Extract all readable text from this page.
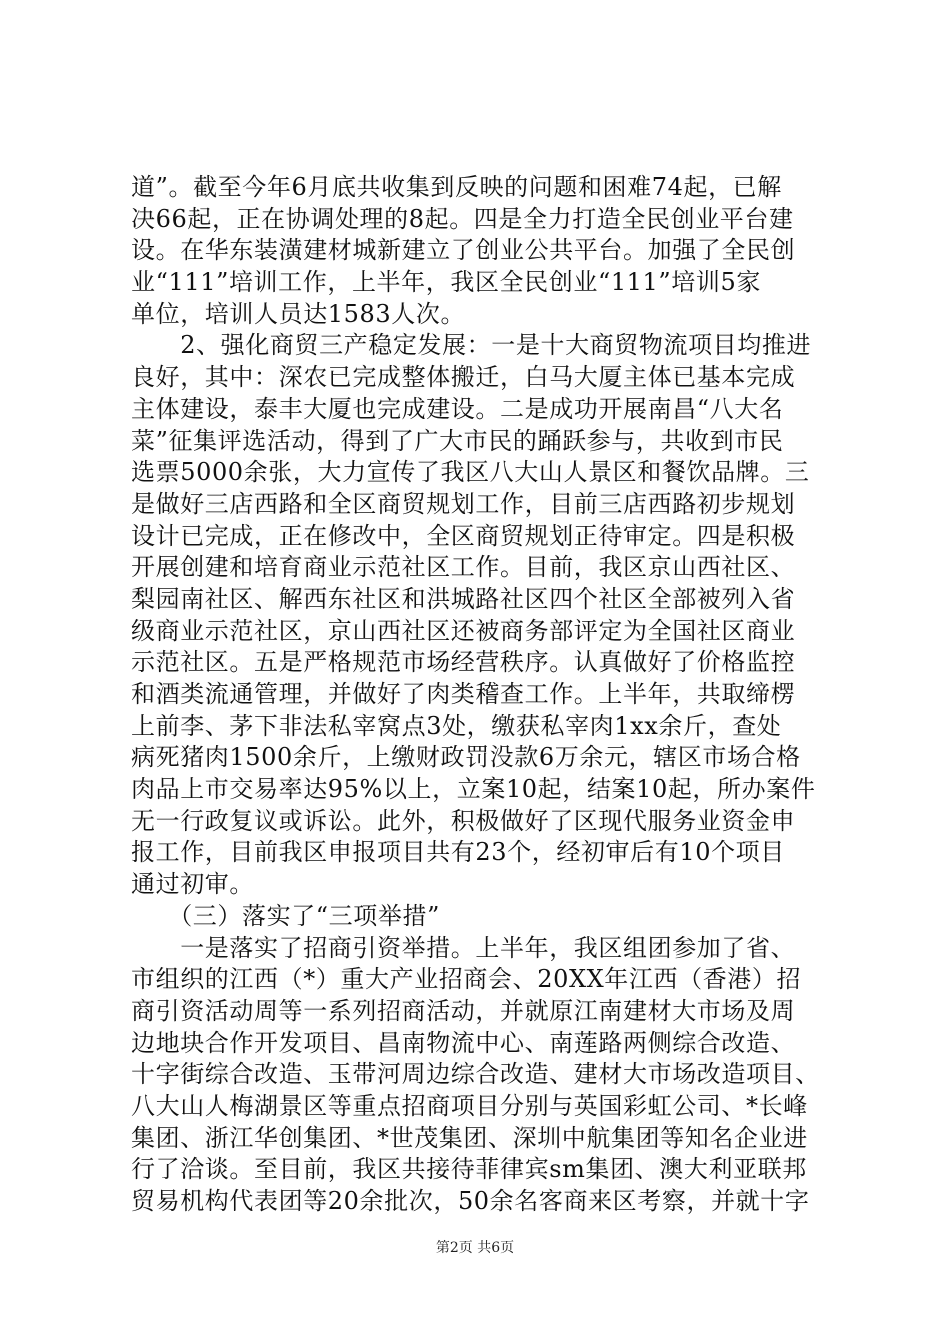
道”。截至今年6月底共收集到反映的问题和困难74起，已解
决66起，正在协调处理的8起。四是全力打造全民创业平台建
设。在华东装潢建材城新建立了创业公共平台。加强了全民创
业“111”培训工作，上半年，我区全民创业“111”培训5家
单位，培训人员达1583人次。
　　2、强化商贸三产稳定发展：一是十大商贸物流项目均推进
良好，其中：深农已完成整体搬迁，白马大厦主体已基本完成
主体建设，泰丰大厦也完成建设。二是成功开展南昌“八大名
菜”征集评选活动，得到了广大市民的踊跃参与，共收到市民
选票5000余张，大力宣传了我区八大山人景区和餐饮品牌。三
是做好三店西路和全区商贸规划工作，目前三店西路初步规划
设计已完成，正在修改中，全区商贸规划正待审定。四是积极
开展创建和培育商业示范社区工作。目前，我区京山西社区、
梨园南社区、解西东社区和洪城路社区四个社区全部被列入省
级商业示范社区，京山西社区还被商务部评定为全国社区商业
示范社区。五是严格规范市场经营秩序。认真做好了价格监控
和酒类流通管理，并做好了肉类稽查工作。上半年，共取缔楞
上前李、茅下非法私宰窝点3处，缴获私宰肉1xx余斤，查处
病死猪肉1500余斤，上缴财政罚没款6万余元，辖区市场合格
肉品上市交易率达95%以上，立案10起，结案10起，所办案件
无一行政复议或诉讼。此外，积极做好了区现代服务业资金申
报工作，目前我区申报项目共有23个，经初审后有10个项目
通过初审。
　　（三）落实了“三项举措”
　　一是落实了招商引资举措。上半年，我区组团参加了省、
市组织的江西（*）重大产业招商会、20XX年江西（香港）招
商引资活动周等一系列招商活动，并就原江南建材大市场及周
边地块合作开发项目、昌南物流中心、南莲路两侧综合改造、
十字街综合改造、玉带河周边综合改造、建材大市场改造项目、
八大山人梅湖景区等重点招商项目分别与英国彩虹公司、*长峰
集团、浙江华创集团、*世茂集团、深圳中航集团等知名企业进
行了洽谈。至目前，我区共接待菲律宾sm集团、澳大利亚联邦
贸易机构代表团等20余批次，50余名客商来区考察，并就十字
第2页 共6页
